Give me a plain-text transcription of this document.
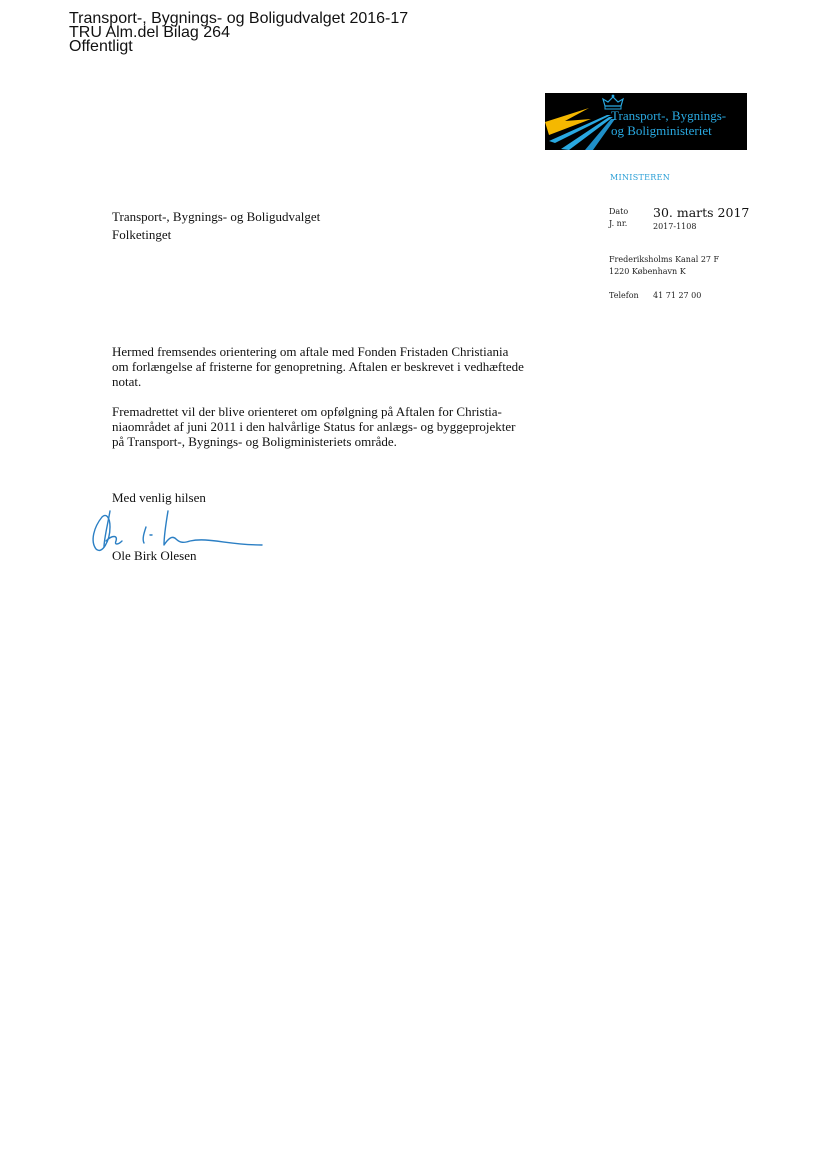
Transport-, Bygnings- og Boligudvalget 2016-17
TRU Alm.del Bilag 264
Offentligt
Transport-, Bygnings-
og Boligministeriet
MINISTEREN
Dato 30. marts 2017
J. nr.	2017-1108
Frederiksholms Kanal 27 F
1220 København K
Telefon 41 71 27 00
Transport-, Bygnings- og Boligudvalget
Folketinget
Hermed fremsendes orientering om aftale med Fonden Fristaden Christiania
om forlængelse af fristerne for genopretning. Aftalen er beskrevet i vedhæftede
notat.
Fremadrettet vil der blive orienteret om opfølgning på Aftalen for Christia-
niaområdet af juni 2011 i den halvårlige Status for anlægs- og byggeprojekter
på Transport-, Bygnings- og Boligministeriets område.
Med venlig hilsen
Ole Birk Olesen
